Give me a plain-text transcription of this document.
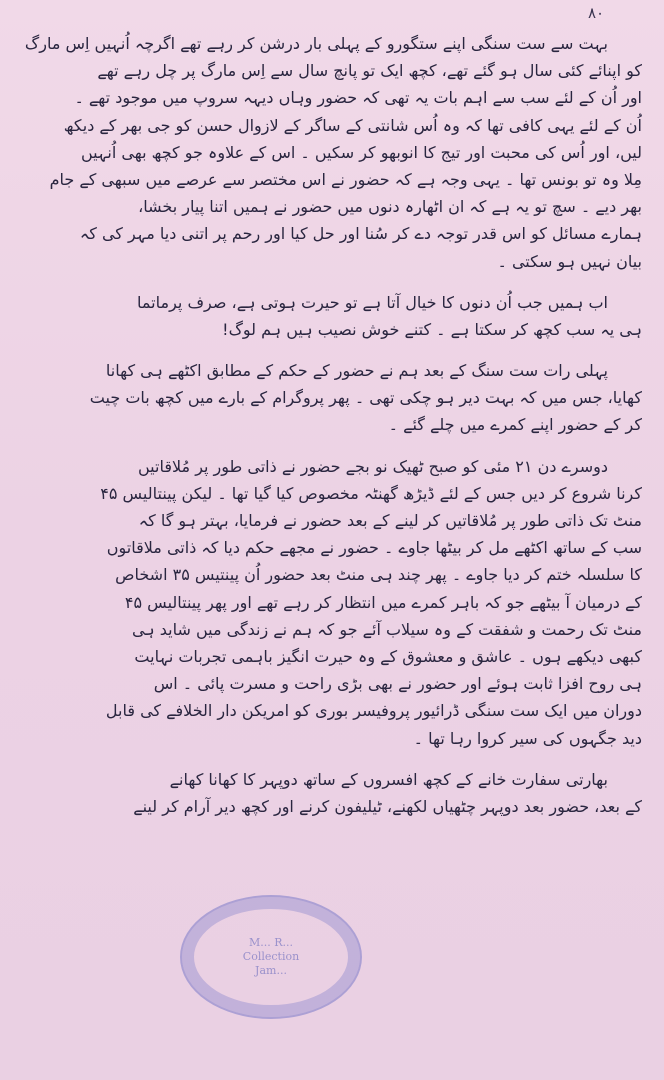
۸۰
بہت سے ست سنگی اپنے ستگورو کے پہلی بار درشن کر رہے تھے اگرچہ اُنہیں اِس مارگ
کو اپنائے کئی سال ہو گئے تھے، کچھ ایک تو پانچ سال سے اِس مارگ پر چل رہے تھے
اور اُن کے لئے سب سے اہم بات یہ تھی کہ حضور وہاں دیہہ سروپ میں موجود تھے ۔
اُن کے لئے یہی کافی تھا کہ وہ اُس شانتی کے ساگر کے لازوال حسن کو جی بھر کے دیکھ
لیں، اور اُس کی محبت اور تیج کا انوبھو کر سکیں ۔ اس کے علاوہ جو کچھ بھی اُنہیں
مِلا وہ تو بونس تھا ۔ یہی وجہ ہے کہ حضور نے اس مختصر سے عرصے میں سبھی کے جام
بھر دیے ۔ سچ تو یہ ہے کہ ان اٹھارہ دنوں میں حضور نے ہمیں اتنا پیار بخشا،
ہمارے مسائل کو اس قدر توجہ دے کر سُنا اور حل کیا اور رحم پر اتنی دیا مہر کی کہ
بیان نہیں ہو سکتی ۔
اب ہمیں جب اُن دنوں کا خیال آتا ہے تو حیرت ہوتی ہے، صرف پرماتما
ہی یہ سب کچھ کر سکتا ہے ۔ کتنے خوش نصیب ہیں ہم لوگ!
پہلی رات ست سنگ کے بعد ہم نے حضور کے حکم کے مطابق اکٹھے ہی کھانا
کھایا، جس میں کہ بہت دیر ہو چکی تھی ۔ پھر پروگرام کے بارے میں کچھ بات چیت
کر کے حضور اپنے کمرے میں چلے گئے ۔
دوسرے دن ۲۱ مئی کو صبح ٹھیک نو بجے حضور نے ذاتی طور پر مُلاقاتیں
کرنا شروع کر دیں جس کے لئے ڈیڑھ گھنٹہ مخصوص کیا گیا تھا ۔ لیکن پینتالیس ۴۵
منٹ تک ذاتی طور پر مُلاقاتیں کر لینے کے بعد حضور نے فرمایا، بہتر ہو گا کہ
سب کے ساتھ اکٹھے مل کر بیٹھا جاوے ۔ حضور نے مجھے حکم دیا کہ ذاتی ملاقاتوں
کا سلسلہ ختم کر دیا جاوے ۔ پھر چند ہی منٹ بعد حضور اُن پینتیس ۳۵ اشخاص
کے درمیان آ بیٹھے جو کہ باہر کمرے میں انتظار کر رہے تھے اور پھر پینتالیس ۴۵
منٹ تک رحمت و شفقت کے وہ سیلاب آئے جو کہ ہم نے زندگی میں شاید ہی
کبھی دیکھے ہوں ۔ عاشق و معشوق کے وہ حیرت انگیز باہمی تجربات نہایت
ہی روح افزا ثابت ہوئے اور حضور نے بھی بڑی راحت و مسرت پائی ۔ اس
دوران میں ایک ست سنگی ڈرائیور پروفیسر بوری کو امریکن دار الخلافے کی قابل
دید جگہوں کی سیر کروا رہا تھا ۔
بھارتی سفارت خانے کے کچھ افسروں کے ساتھ دوپہر کا کھانا کھانے
کے بعد، حضور بعد دوپہر چٹھیاں لکھنے، ٹیلیفون کرنے اور کچھ دیر آرام کر لینے
M... R...
Collection
Jam...
